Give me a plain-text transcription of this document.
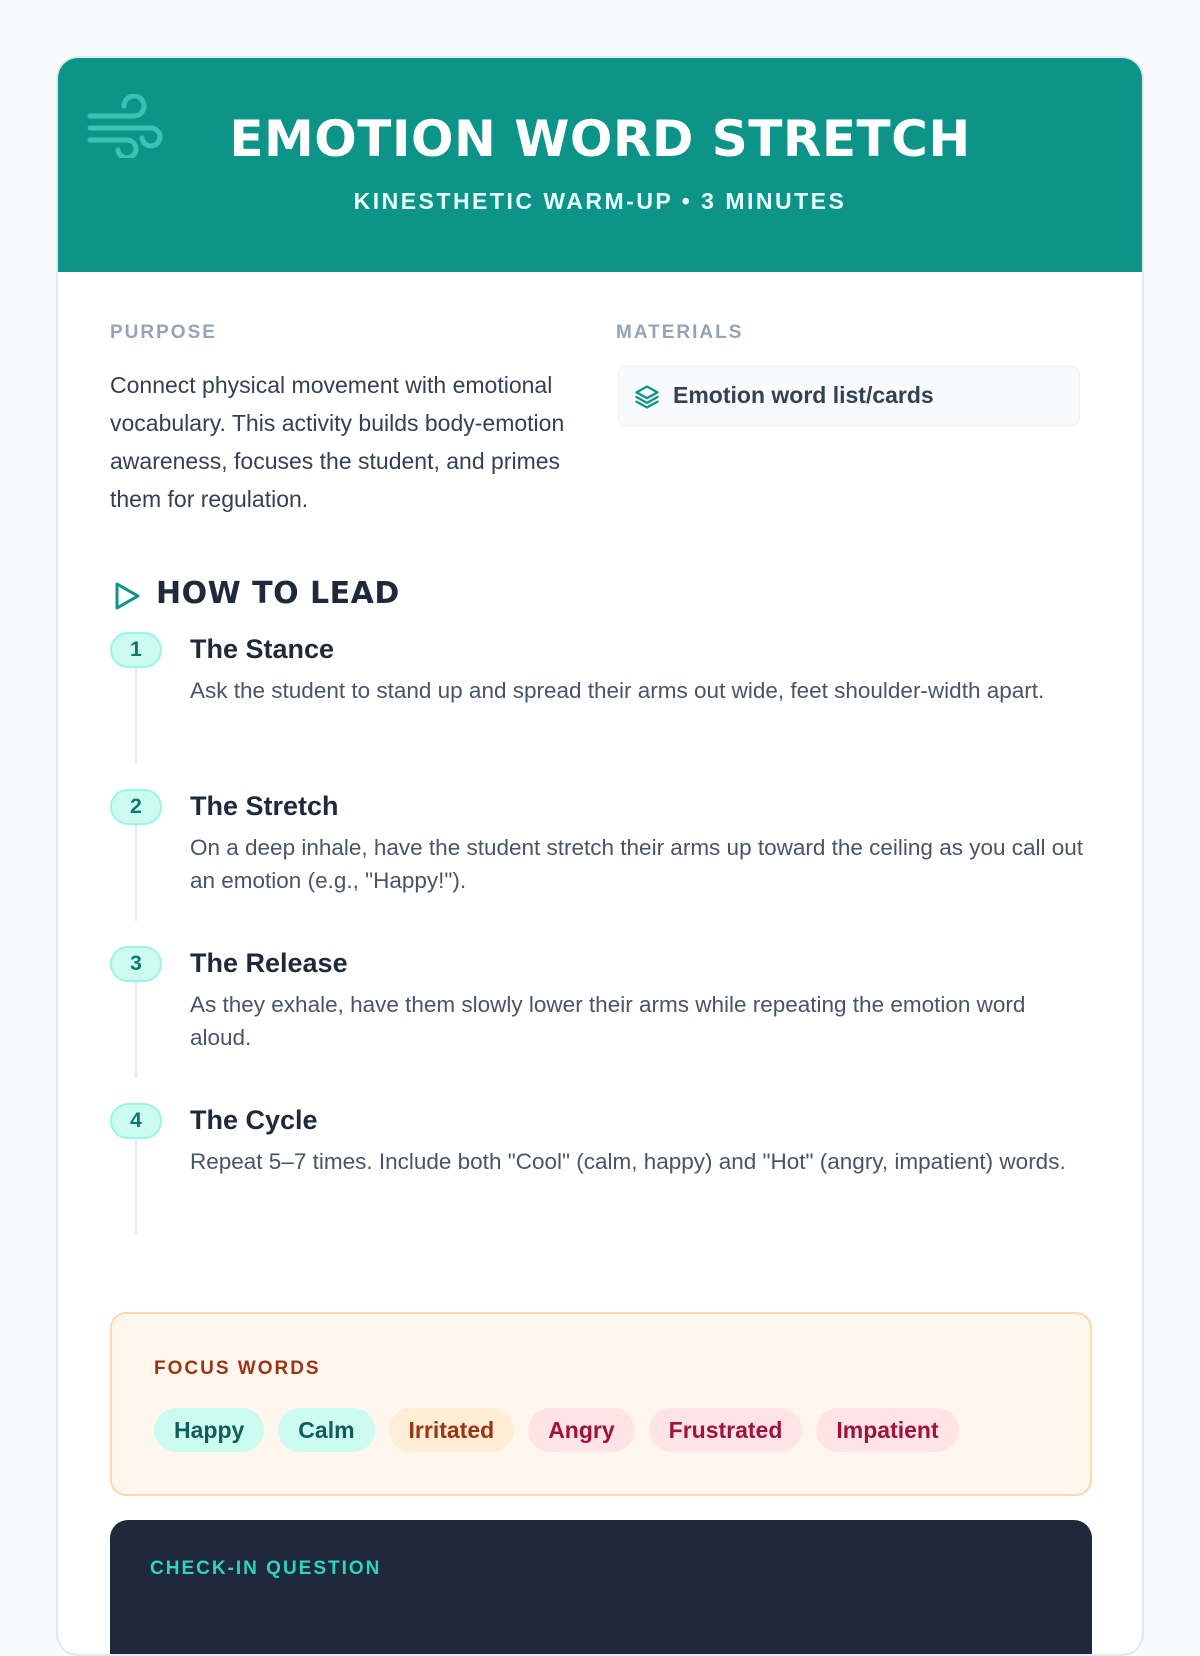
EMOTION WORD STRETCH
KINESTHETIC WARM-UP • 3 MINUTES
PURPOSE
Connect physical movement with emotional vocabulary. This activity builds body-emotion awareness, focuses the student, and primes them for regulation.
MATERIALS
Emotion word list/cards
HOW TO LEAD
1	The Stance
Ask the student to stand up and spread their arms out wide, feet shoulder-width apart.
2	The Stretch
On a deep inhale, have the student stretch their arms up toward the ceiling as you call out an emotion (e.g., "Happy!").
3	The Release
As they exhale, have them slowly lower their arms while repeating the emotion word aloud.
4	The Cycle
Repeat 5–7 times. Include both "Cool" (calm, happy) and "Hot" (angry, impatient) words.
FOCUS WORDS
Happy	Calm	Irritated	Angry	Frustrated	Impatient
CHECK-IN QUESTION
